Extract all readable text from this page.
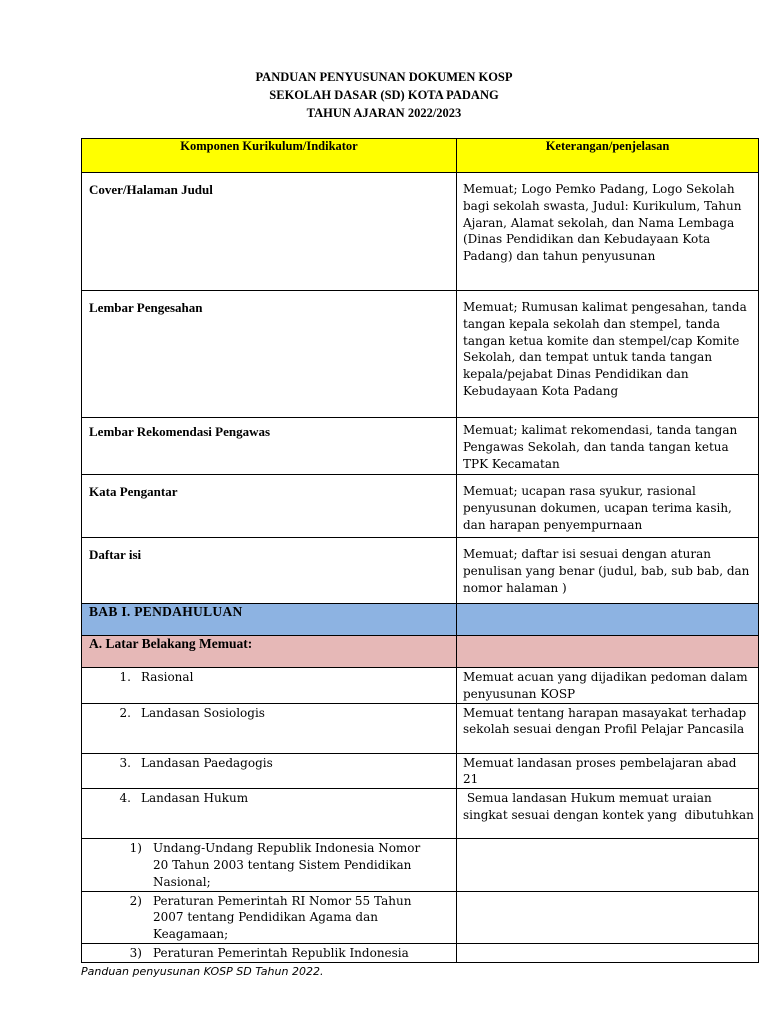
PANDUAN PENYUSUNAN DOKUMEN KOSP
SEKOLAH DASAR (SD) KOTA PADANG
TAHUN AJARAN 2022/2023
Komponen Kurikulum/Indikator	Keterangan/penjelasan
Cover/Halaman Judul	Memuat; Logo Pemko Padang, Logo Sekolah bagi sekolah swasta, Judul: Kurikulum, Tahun Ajaran, Alamat sekolah, dan Nama Lembaga (Dinas Pendidikan dan Kebudayaan Kota Padang) dan tahun penyusunan
Lembar Pengesahan	Memuat; Rumusan kalimat pengesahan, tanda tangan kepala sekolah dan stempel, tanda tangan ketua komite dan stempel/cap Komite Sekolah, dan tempat untuk tanda tangan kepala/pejabat Dinas Pendidikan dan Kebudayaan Kota Padang
Lembar Rekomendasi Pengawas	Memuat; kalimat rekomendasi, tanda tangan Pengawas Sekolah, dan tanda tangan ketua TPK Kecamatan
Kata Pengantar	Memuat; ucapan rasa syukur, rasional penyusunan dokumen, ucapan terima kasih, dan harapan penyempurnaan
Daftar isi	Memuat; daftar isi sesuai dengan aturan penulisan yang benar (judul, bab, sub bab, dan nomor halaman )
BAB I. PENDAHULUAN	
A. Latar Belakang Memuat:	
1. Rasional	Memuat acuan yang dijadikan pedoman dalam penyusunan KOSP
2. Landasan Sosiologis	Memuat tentang harapan masayakat terhadap sekolah sesuai dengan Profil Pelajar Pancasila
3. Landasan Paedagogis	Memuat landasan proses pembelajaran abad 21
4. Landasan Hukum	Semua landasan Hukum memuat uraian  singkat sesuai dengan kontek yang  dibutuhkan

1) Undang-Undang Republik Indonesia Nomor 20 Tahun 2003 tentang Sistem Pendidikan Nasional;	

2) Peraturan Pemerintah RI Nomor 55 Tahun 2007 tentang Pendidikan Agama dan Keagamaan;	

3) Peraturan Pemerintah Republik Indonesia	

Panduan penyusunan KOSP SD Tahun 2022.
